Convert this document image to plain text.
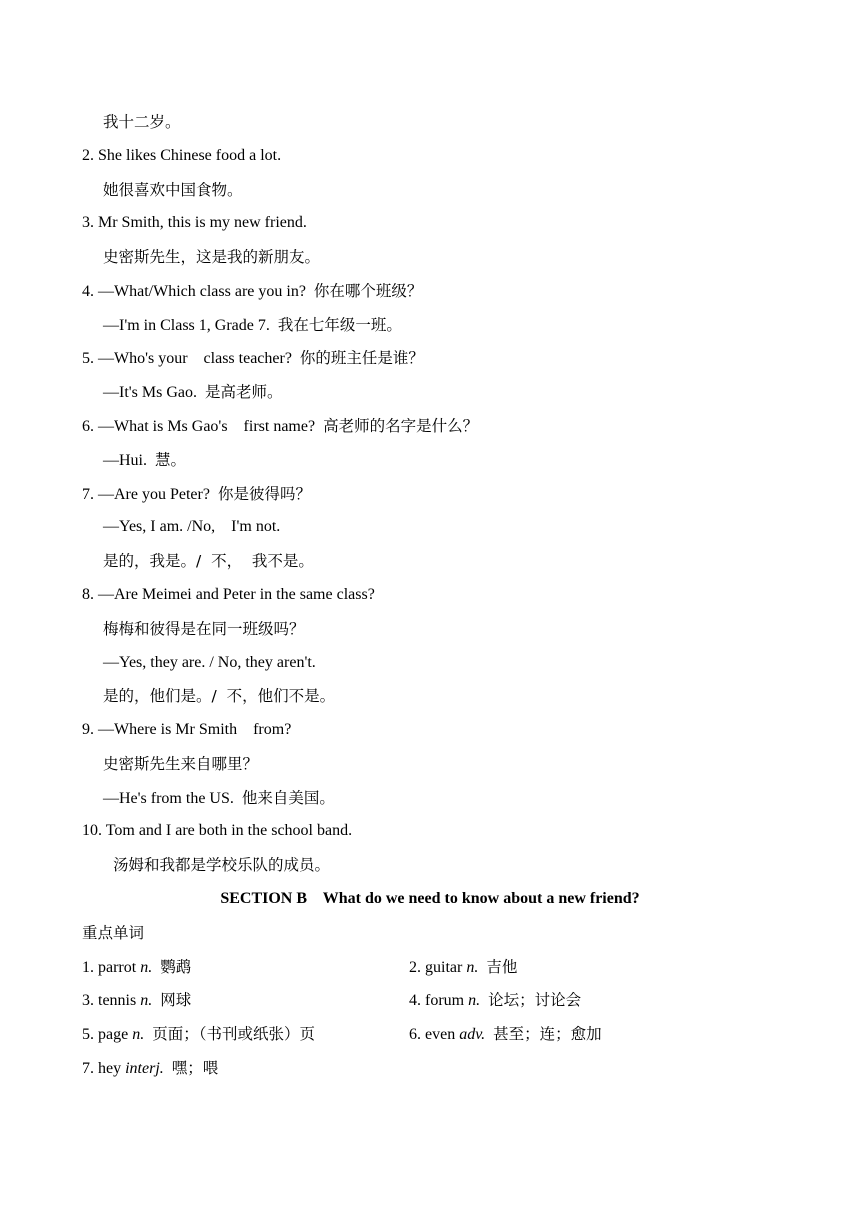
我十二岁。
2. She likes Chinese food a lot.
她很喜欢中国食物。
3. Mr Smith, this is my new friend.
史密斯先生，这是我的新朋友。
4. —What/Which class are you in? 你在哪个班级？
—I'm in Class 1, Grade 7. 我在七年级一班。
5. —Who's your    class teacher? 你的班主任是谁？
—It's Ms Gao. 是高老师。
6. —What is Ms Gao's    first name? 高老师的名字是什么？
—Hui. 慧。
7. —Are you Peter? 你是彼得吗？
—Yes, I am. /No,    I'm not.
是的，我是。/  不，  我不是。
8. —Are Meimei and Peter in the same class?
梅梅和彼得是在同一班级吗？
—Yes, they are. / No, they aren't.
是的，他们是。/  不，他们不是。
9. —Where is Mr Smith    from?
史密斯先生来自哪里？
—He's from the US. 他来自美国。
10. Tom and I are both in the school band.
汤姆和我都是学校乐队的成员。
SECTION B    What do we need to know about a new friend?
重点单词
1. parrot n. 鹦鹉	2. guitar n. 吉他
3. tennis n. 网球	4. forum n. 论坛；讨论会
5. page n. 页面；（书刊或纸张）页	6. even adv. 甚至；连；愈加
7. hey interj. 嘿；喂
